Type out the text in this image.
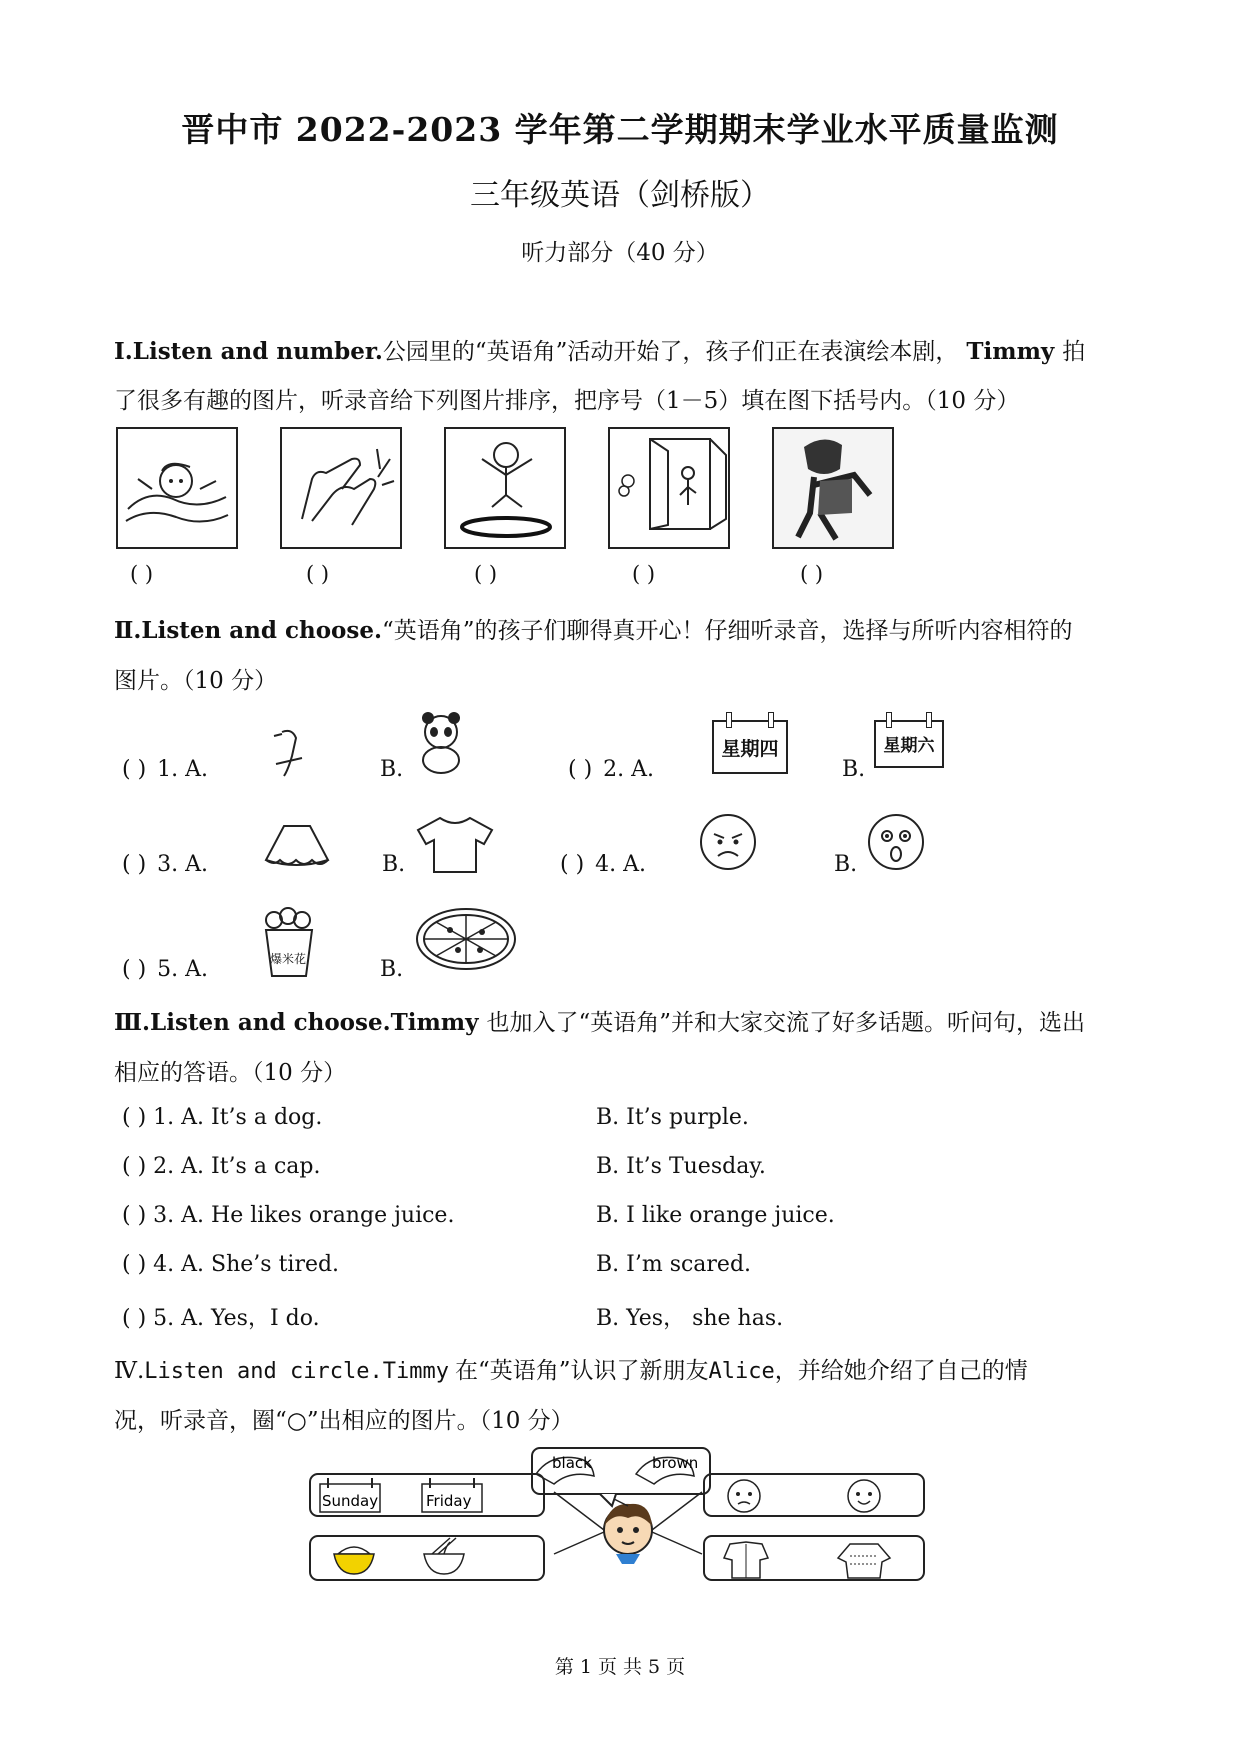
晋中市 2022-2023 学年第二学期期末学业水平质量监测
三年级英语（剑桥版）
听力部分（40 分）
Ⅰ.Listen and number.公园里的“英语角”活动开始了，孩子们正在表演绘本剧， Timmy 拍
了很多有趣的图片，听录音给下列图片排序，把序号（1－5）填在图下括号内。（10 分）
( )	( )	( )	( )	( )
Ⅱ.Listen and choose.“英语角”的孩子们聊得真开心！仔细听录音，选择与所听内容相符的
图片。（10 分）
( ) 1. A.	B.	( ) 2. A.
星期四
B.
星期六
( ) 3. A.	B.	( ) 4. A.	B.
( ) 5. A.	爆米花	B.
Ⅲ.Listen and choose.Timmy 也加入了“英语角”并和大家交流了好多话题。听问句，选出
相应的答语。（10 分）
( ) 1. A. It’s a dog.	B. It’s purple.
( ) 2. A. It’s a cap.	B. It’s Tuesday.
( ) 3. A. He likes orange juice.	B. I like orange juice.
( ) 4. A. She’s tired.	B. I’m scared.
( ) 5. A. Yes，I do.	B. Yes， she has.
Ⅳ.Listen and circle.Timmy 在“英语角”认识了新朋友Alice，并给她介绍了自己的情
况，听录音，圈“○”出相应的图片。（10 分）
black	brown
Sunday	Friday
第 1 页 共 5 页
